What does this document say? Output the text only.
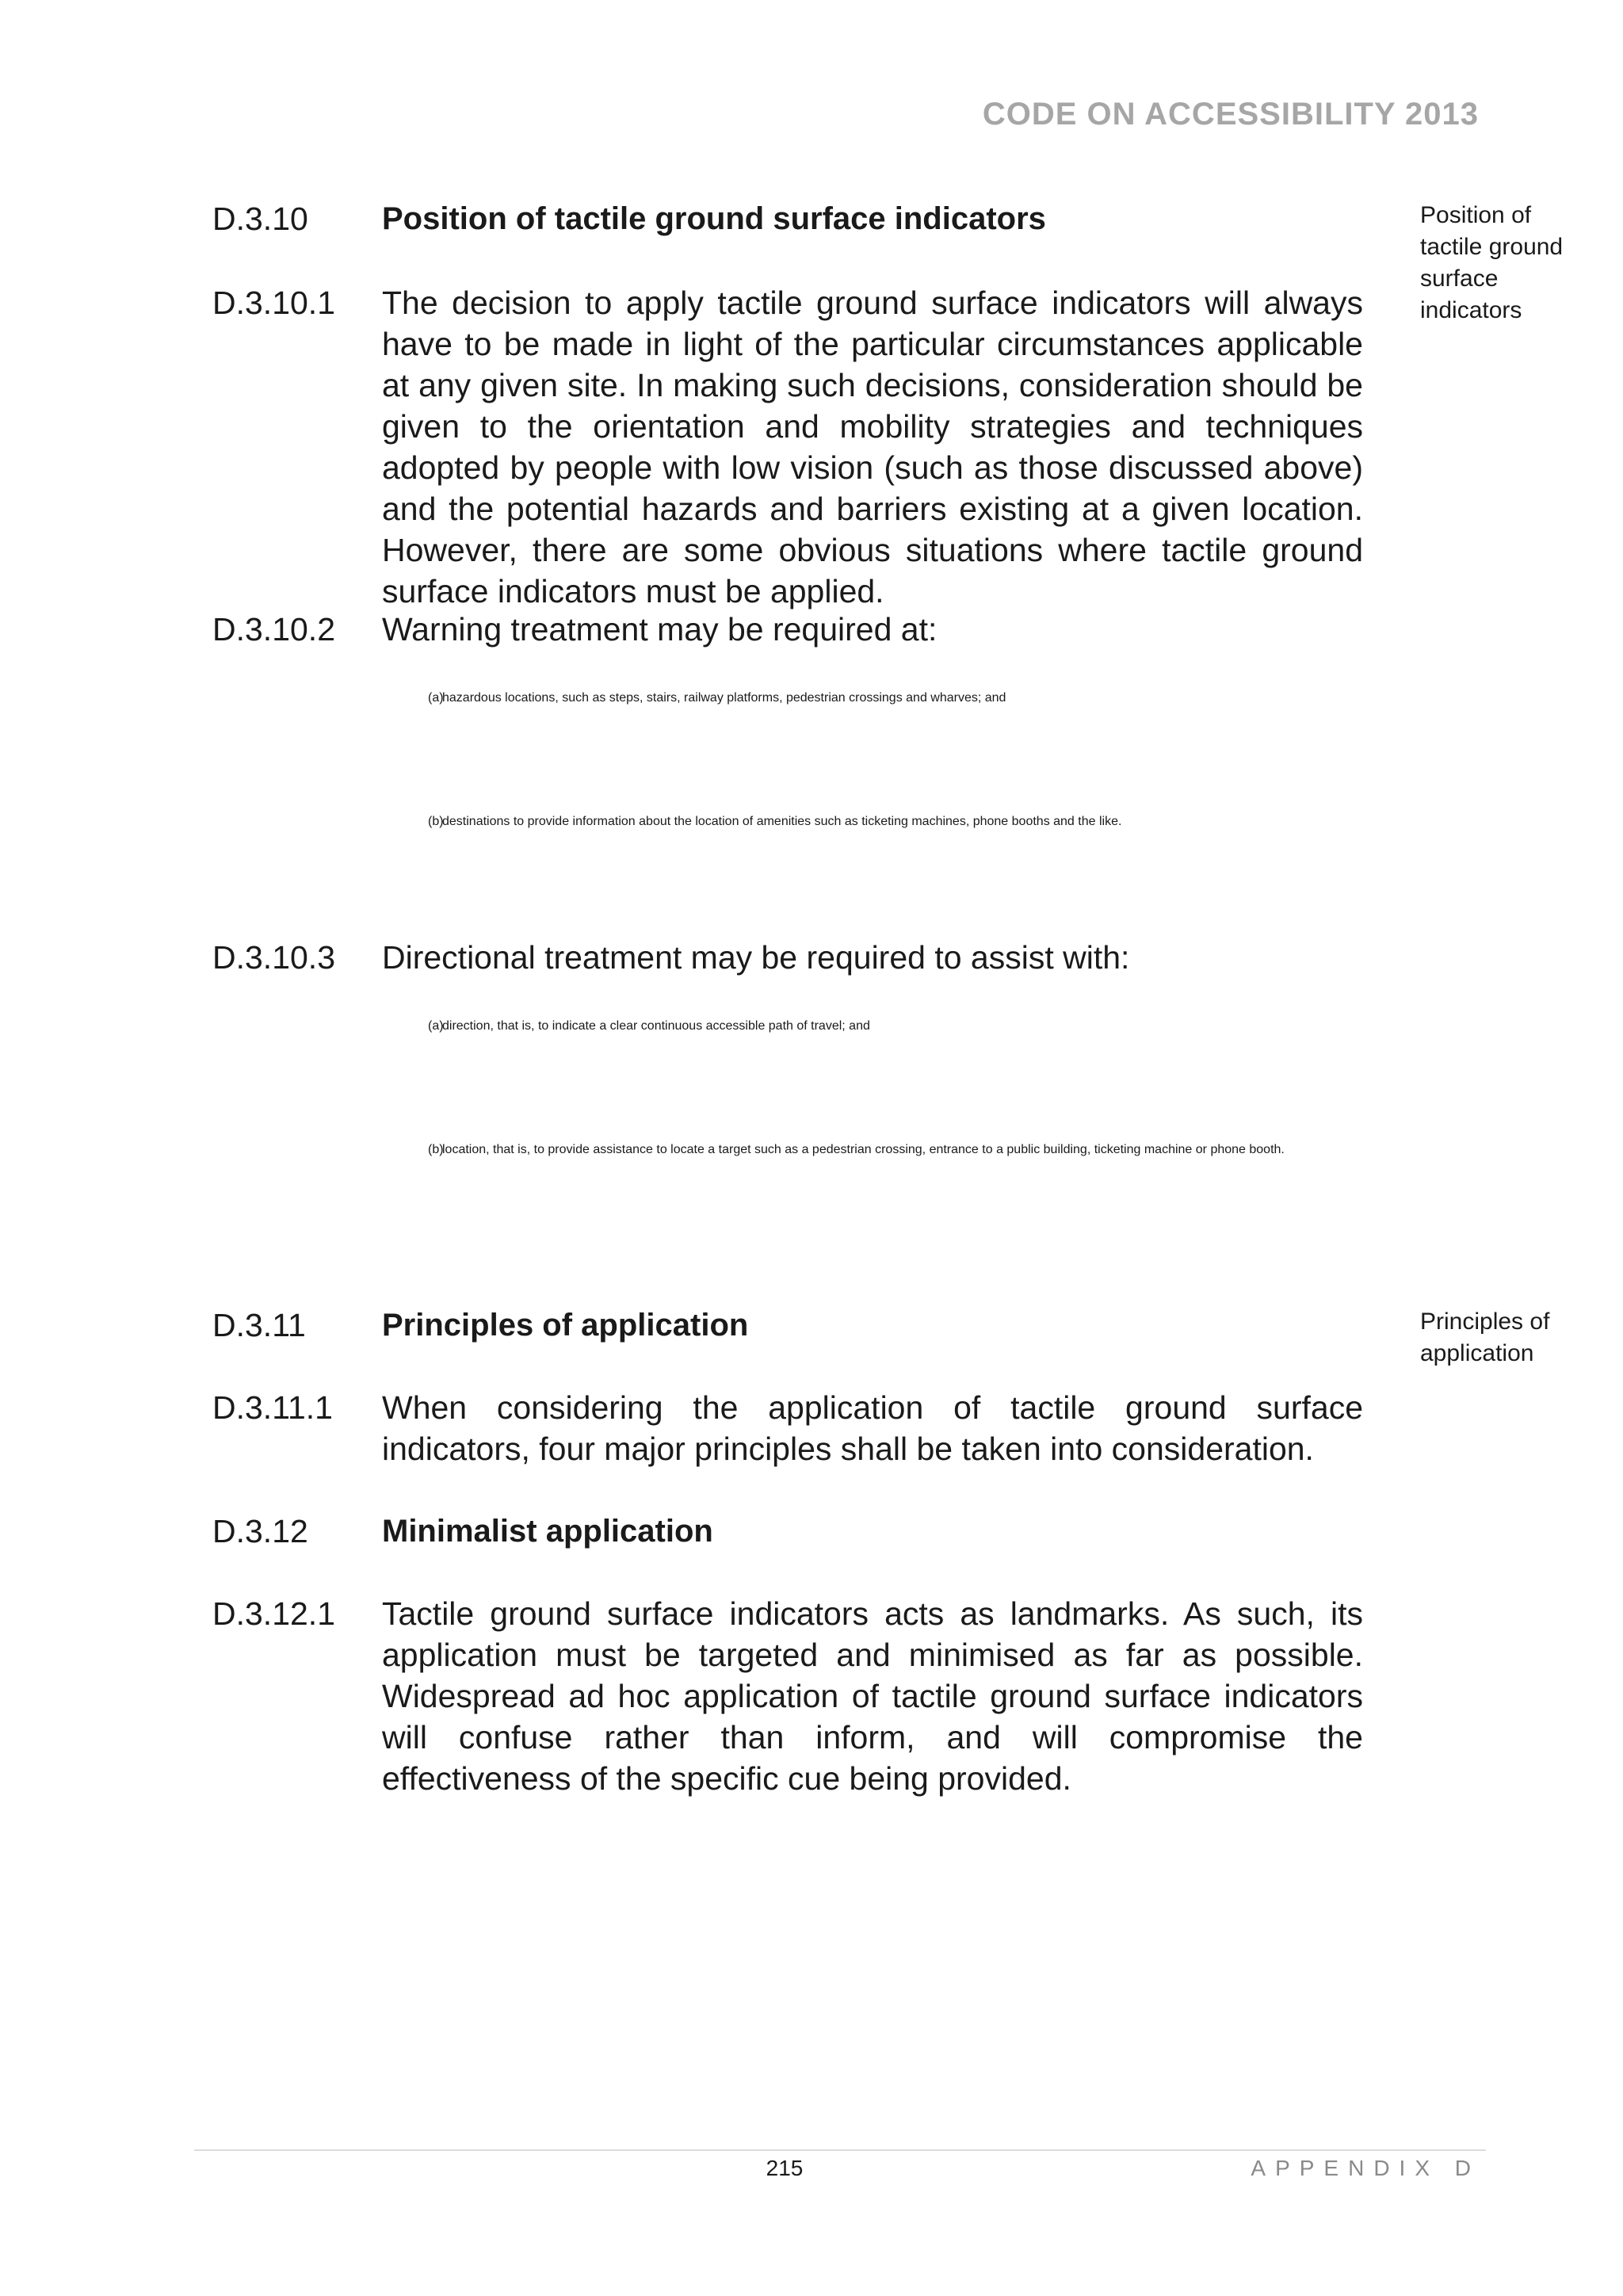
CODE ON ACCESSIBILITY 2013
D.3.10 Position of tactile ground surface indicators	Position of tactile ground surface indicators
D.3.10.1 The decision to apply tactile ground surface indicators will always have to be made in light of the particular circumstances applicable at any given site. In making such decisions, consideration should be given to the orientation and mobility strategies and techniques adopted by people with low vision (such as those discussed above) and the potential hazards and barriers existing at a given location. However, there are some obvious situations where tactile ground surface indicators must be applied.
D.3.10.2 Warning treatment may be required at:
(a)
hazardous locations, such as steps, stairs, railway platforms, pedestrian crossings and wharves; and
(b)
destinations to provide information about the location of amenities such as ticketing machines, phone booths and the like.
D.3.10.3 Directional treatment may be required to assist with:
(a)
direction, that is, to indicate a clear continuous accessible path of travel; and
(b)
location, that is, to provide assistance to locate a target such as a pedestrian crossing, entrance to a public building, ticketing machine or phone booth.
D.3.11 Principles of application	Principles of application
D.3.11.1 When considering the application of tactile ground surface indicators, four major principles shall be taken into consideration.
D.3.12 Minimalist application
D.3.12.1 Tactile ground surface indicators acts as landmarks. As such, its application must be targeted and minimised as far as possible. Widespread ad hoc application of tactile ground surface indicators will confuse rather than inform, and will compromise the effectiveness of the specific cue being provided.
215	APPENDIX D
